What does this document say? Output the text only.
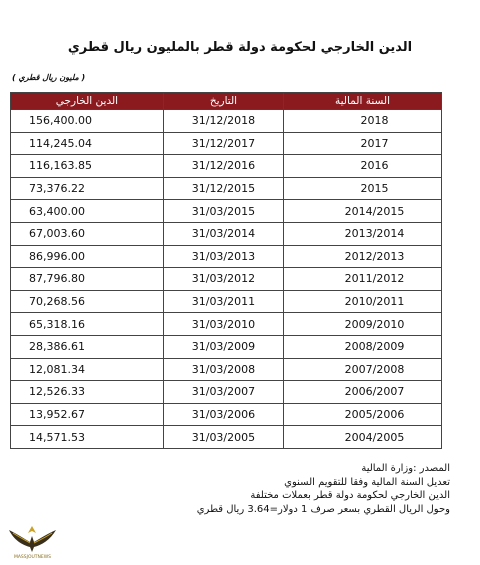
الدين الخارجي لحكومة دولة قطر بالمليون ريال قطري
( مليون ريال قطري )
الدين الخارجي	التاريخ	السنة المالية
156,400.00	31/12/2018	2018
114,245.04	31/12/2017	2017
116,163.85	31/12/2016	2016
73,376.22	31/12/2015	2015
63,400.00	31/03/2015	2014/2015
67,003.60	31/03/2014	2013/2014
86,996.00	31/03/2013	2012/2013
87,796.80	31/03/2012	2011/2012
70,268.56	31/03/2011	2010/2011
65,318.16	31/03/2010	2009/2010
28,386.61	31/03/2009	2008/2009
12,081.34	31/03/2008	2007/2008
12,526.33	31/03/2007	2006/2007
13,952.67	31/03/2006	2005/2006
14,571.53	31/03/2005	2004/2005
المصدر :وزارة المالية
تعديل السنة المالية وفقا للتقويم السنوي
الدين الخارجي لحكومة دولة قطر بعملات مختلفة
وحول الريال القطري بسعر صرف 1 دولار=3.64 ريال قطري
MASSJOUTNEWS
